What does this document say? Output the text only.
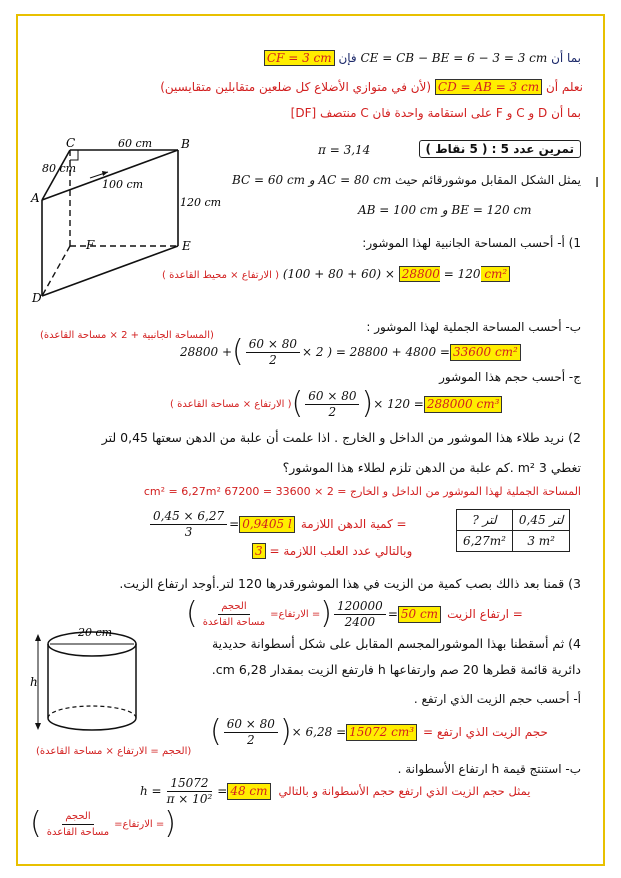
بما أن CE = CB − BE = 6 − 3 = 3 cm فإن CF = 3 cm
نعلم أن CD = AB = 3 cm (لأن في متوازي الأضلاع كل ضلعين متقابلين متقايسين)
بما أن D و C و F على استقامة واحدة فان C منتصف [DF]
تمرين عدد 5 : ( 5 نقاط )
π = 3,14
C	B
A
E
F
D
80 cm
60 cm
100 cm
120 cm
I
يمثل الشكل المقابل موشورقائم حيث AC = 80 cm و BC = 60 cm
AB = 100 cm و BE = 120 cm
1) أ- أحسب المساحة الجانبية لهذا الموشور:
( الارتفاع × محيط القاعدة ) (60 + 80 + 100) × 120 = 28800 cm²
ب- أحسب المساحة الجملية لهذا الموشور :
(المساحة الجانبية + 2 × مساحة القاعدة)
28800 + ( $\frac{60 \times 80}{2} \times 2$ ) = 28800 + 4800 = 33600 cm²
ج- أحسب حجم هذا الموشور
( الارتفاع × مساحة القاعدة ) ( $\frac{60 \times 80}{2}$ ) × 120 = 288000 cm³
2) نريد طلاء هذا الموشور من الداخل و الخارج . اذا علمت أن علبة من الدهن سعتها 0,45 لتر
تغطي 3 m² .كم علبة من الدهن تلزم لطلاء هذا الموشور؟
المساحة الجملية لهذا الموشور من الداخل و الخارج = 2 × 33600 = 67200 cm² = 6,27m²
? لتر	0,45 لتر
6,27m²	3 m²
$\frac{0,45 \times 6,27}{3} = 0,9405$ l = كمية الدهن اللازمة
3 = وبالتالي عدد العلب اللازمة
3) قمنا بعد ذالك بصب كمية من الزيت في هذا الموشورقدرها 120 لتر.أوجد ارتفاع الزيت.
( $\frac{\text{الحجم}}{\text{مساحة القاعدة}}$ = الارتفاع = ) $\frac{120000}{2400} = 50$ cm ارتفاع الزيت =
20 cm
h
4) ثم أسقطنا بهذا الموشورالمجسم المقابل على شكل أسطوانة حديدية
دائرية قائمة قطرها 20 صم وارتفاعها h فارتفع الزيت بمقدار 6,28 cm.
أ- أحسب حجم الزيت الذي ارتفع .
( $\frac{60 \times 80}{2}$ ) × 6,28 = 15072 cm³ = حجم الزيت الذي ارتفع
(الحجم = الارتفاع × مساحة القاعدة)
ب- استنتج قيمة h ارتفاع الأسطوانة .
$h = \frac{15072}{\text{π × 10²}} = 48$ cm يمثل حجم الزيت الذي ارتفع حجم الأسطوانة و بالتالي
( $\frac{\text{الحجم}}{\text{مساحة القاعدة}}$ = الارتفاع = )
